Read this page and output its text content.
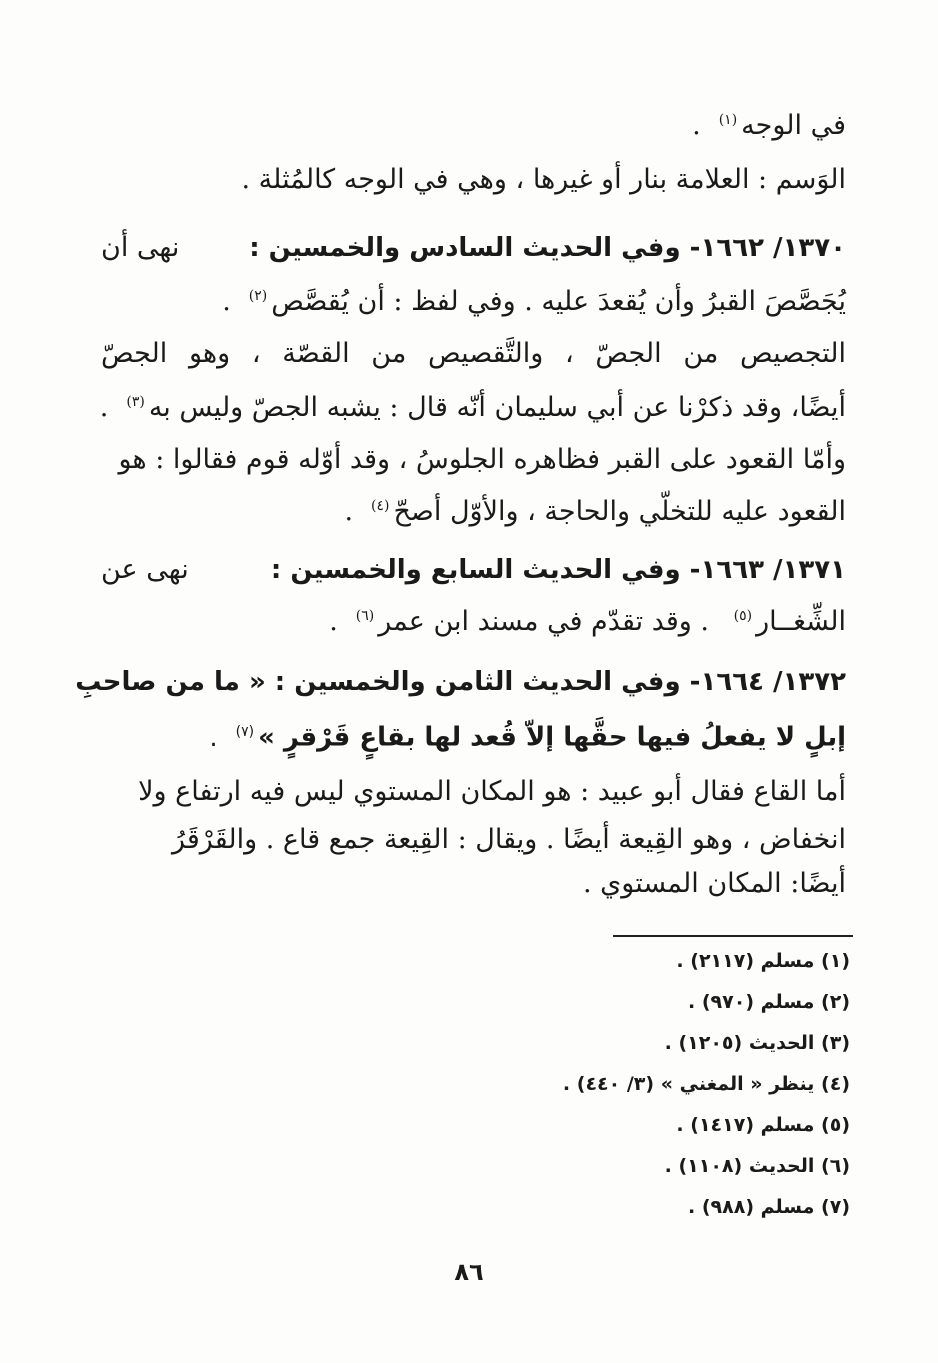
في الوجه$^{(١)}$.
الوَسم : العلامة بنار أو غيرها ، وهي في الوجه كالمُثلة .
١٣٧٠/ ١٦٦٢- وفي الحديث السادس والخمسين :
نهى أن
يُجَصَّصَ القبرُ وأن يُقعدَ عليه . وفي لفظ : أن يُقصَّص$^{(٢)}$.
التجصيص من الجصّ ، والتَّقصيص من القصّة ، وهو الجصّ
أيضًا، وقد ذكرْنا عن أبي سليمان أنّه قال : يشبه الجصّ وليس به$^{(٣)}$.
وأمّا القعود على القبر فظاهره الجلوسُ ، وقد أوّله قوم فقالوا : هو
القعود عليه للتخلّي والحاجة ، والأوّل أصحّ$^{(٤)}$.
١٣٧١/ ١٦٦٣- وفي الحديث السابع والخمسين :
نهى عن
الشِّغــار$^{(٥)}$ . وقد تقدّم في مسند ابن عمر$^{(٦)}$.
١٣٧٢/ ١٦٦٤- وفي الحديث الثامن والخمسين : « ما من صاحبِ
إبلٍ لا يفعلُ فيها حقَّها إلاّ قُعد لها بقاعٍ قَرْقرٍ »$^{(٧)}$.
أما القاع فقال أبو عبيد : هو المكان المستوي ليس فيه ارتفاع ولا
انخفاض ، وهو القِيعة أيضًا . ويقال : القِيعة جمع قاع . والقَرْقَرُ
أيضًا: المكان المستوي .
(١) مسلم (٢١١٧) .
(٢) مسلم (٩٧٠) .
(٣) الحديث (١٢٠٥) .
(٤) ينظر « المغني » (٣/ ٤٤٠) .
(٥) مسلم (١٤١٧) .
(٦) الحديث (١١٠٨) .
(٧) مسلم (٩٨٨) .
٨٦
